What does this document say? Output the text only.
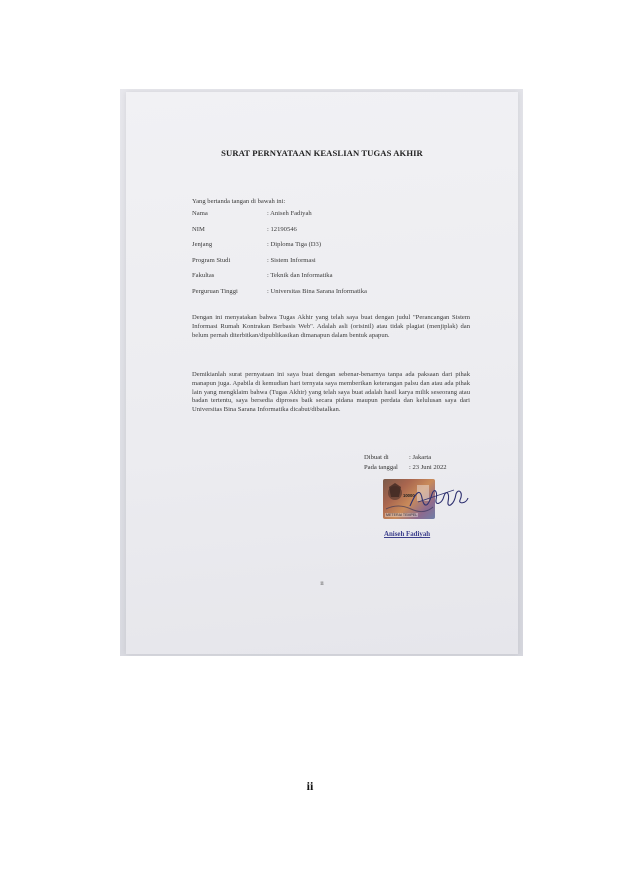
SURAT PERNYATAAN KEASLIAN TUGAS AKHIR
Yang bertanda tangan di bawah ini:
Nama	: Aniseh Fadiyah
NIM	: 12190546
Jenjang	: Diploma Tiga (D3)
Program Studi	: Sistem Informasi
Fakultas	: Teknik dan Informatika
Perguruan Tinggi	: Universitas Bina Sarana Informatika
Dengan ini menyatakan bahwa Tugas Akhir yang telah saya buat dengan judul "Perancangan Sistem Informasi Rumah Kontrakan Berbasis Web". Adalah asli (orisinil) atau tidak plagiat (menjiplak) dan belum pernah diterbitkan/dipublikasikan dimanapun dalam bentuk apapun.
Demikianlah surat pernyataan ini saya buat dengan sebenar-benarnya tanpa ada paksaan dari pihak manapun juga. Apabila di kemudian hari ternyata saya memberikan keterangan palsu dan atau ada pihak lain yang mengklaim bahwa (Tugas Akhir) yang telah saya buat adalah hasil karya milik seseorang atau badan tertentu, saya bersedia diproses baik secara pidana maupun perdata dan kelulusan saya dari Universitas Bina Sarana Informatika dicabut/dibatalkan.
Dibuat di	: Jakarta
Pada tanggal : 23 Juni 2022
10000
METERAI TEMPEL
Aniseh Fadiyah
ii
ii
